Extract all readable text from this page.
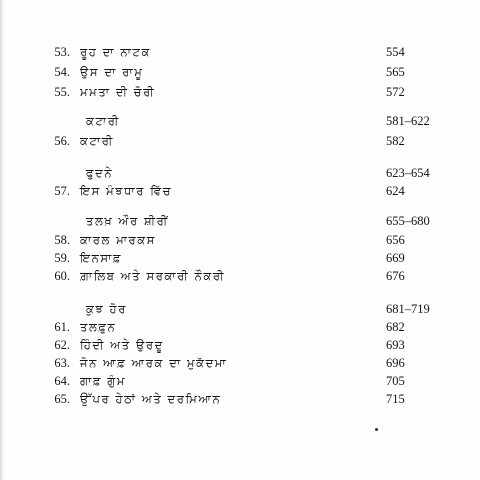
53. ਰੂਹ ਦਾ ਨਾਟਕ	554
54. ਉਸ ਦਾ ਰਾਮੂ	565
55. ਮਮਤਾ ਦੀ ਚੋਰੀ	572
ਕਟਾਰੀ	581–622
56. ਕਟਾਰੀ	582
ਫੁਦਨੇ	623–654
57. ਇਸ ਮੰਝਧਾਰ ਵਿੱਚ	624
ਤਲਖ਼ ਔਰ ਸ਼ੀਰੀਂ	655–680
58. ਕਾਰਲ ਮਾਰਕਸ	656
59. ਇਨਸਾਫ਼	669
60. ਗ਼ਾਲਿਬ ਅਤੇ ਸਰਕਾਰੀ ਨੌਕਰੀ	676
ਕੁਝ ਹੋਰ	681–719
61. ਤਲਫ਼ੁਨ	682
62. ਹਿੰਦੀ ਅਤੇ ਉਰਦੂ	693
63. ਜੋਨ ਆਫ਼ ਆਰਕ ਦਾ ਮੁਕੱਦਮਾ	696
64. ਗਾਫ਼ ਗੁੰਮ	705
65. ਉੱਪਰ ਹੇਠਾਂ ਅਤੇ ਦਰਮਿਆਨ	715
